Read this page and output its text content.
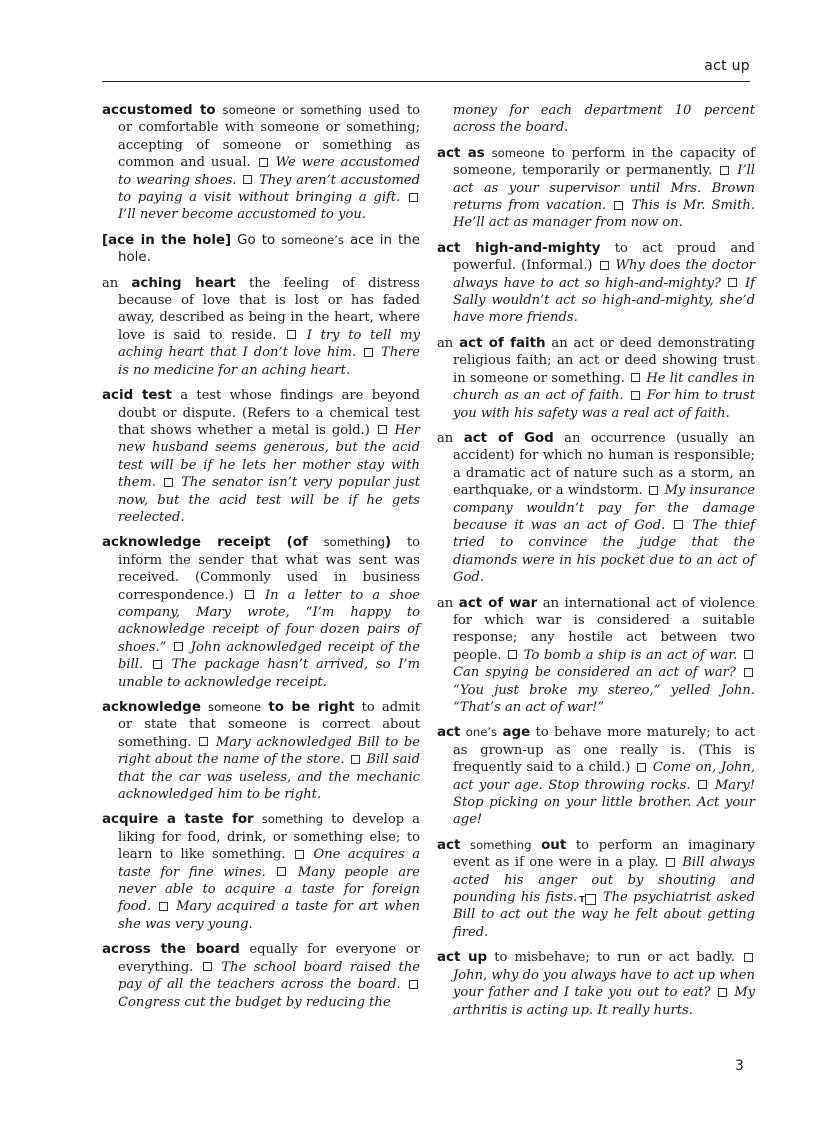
act up

accustomed to someone or something used to or comfortable with someone or something; accepting of someone or something as common and usual. We were accustomed to wearing shoes. They aren’t accustomed to paying a visit without bringing a gift.  I’ll never become accustomed to you.

[ace in the hole] Go to someone’s ace in the hole.

an aching heart the feeling of distress because of love that is lost or has faded away, described as being in the heart, where love is said to reside. I try to tell my aching heart that I don’t love him. There is no medicine for an aching heart.

acid test a test whose findings are beyond doubt or dispute. (Refers to a chemical test that shows whether a metal is gold.) Her new husband seems generous, but the acid test will be if he lets her mother stay with them. The senator isn’t very popular just now, but the acid test will be if he gets reelected.

acknowledge receipt (of something) to inform the sender that what was sent was received. (Commonly used in business correspondence.) In a letter to a shoe company, Mary wrote, “I’m happy to acknowledge receipt of four dozen pairs of shoes.” John acknowledged receipt of the bill. The package hasn’t arrived, so I’m unable to acknowledge receipt.

acknowledge someone to be right to admit or state that someone is correct about something. Mary acknowledged Bill to be right about the name of the store. Bill said that the car was useless, and the mechanic acknowledged him to be right.

acquire a taste for something to develop a liking for food, drink, or something else; to learn to like something. One acquires a taste for fine wines. Many people are never able to acquire a taste for foreign food. Mary acquired a taste for art when she was very young.

across the board equally for everyone or everything. The school board raised the pay of all the teachers across the board.  Congress cut the budget by reducing the

money for each department 10 percent across the board.

act as someone to perform in the capacity of someone, temporarily or permanently. I’ll act as your supervisor until Mrs. Brown returns from vacation. This is Mr. Smith. He’ll act as manager from now on.

act high-and-mighty to act proud and powerful. (Informal.) Why does the doctor always have to act so high-and-mighty? If Sally wouldn’t act so high-and-mighty, she’d have more friends.

an act of faith an act or deed demonstrating religious faith; an act or deed showing trust in someone or something. He lit candles in church as an act of faith. For him to trust you with his safety was a real act of faith.

an act of God an occurrence (usually an accident) for which no human is responsible; a dramatic act of nature such as a storm, an earthquake, or a windstorm. My insurance company wouldn’t pay for the damage because it was an act of God. The thief tried to convince the judge that the diamonds were in his pocket due to an act of God.

an act of war an international act of violence for which war is considered a suitable response; any hostile act between two people. To bomb a ship is an act of war.  Can spying be considered an act of war?  “You just broke my stereo,” yelled John. “That’s an act of war!”

act one’s age to behave more maturely; to act as grown-up as one really is. (This is frequently said to a child.) Come on, John, act your age. Stop throwing rocks. Mary! Stop picking on your little brother. Act your age!

act something out to perform an imaginary event as if one were in a play. Bill always acted his anger out by shouting and pounding his fists. T The psychiatrist asked Bill to act out the way he felt about getting fired.

act up to misbehave; to run or act badly.  John, why do you always have to act up when your father and I take you out to eat? My arthritis is acting up. It really hurts.

3
